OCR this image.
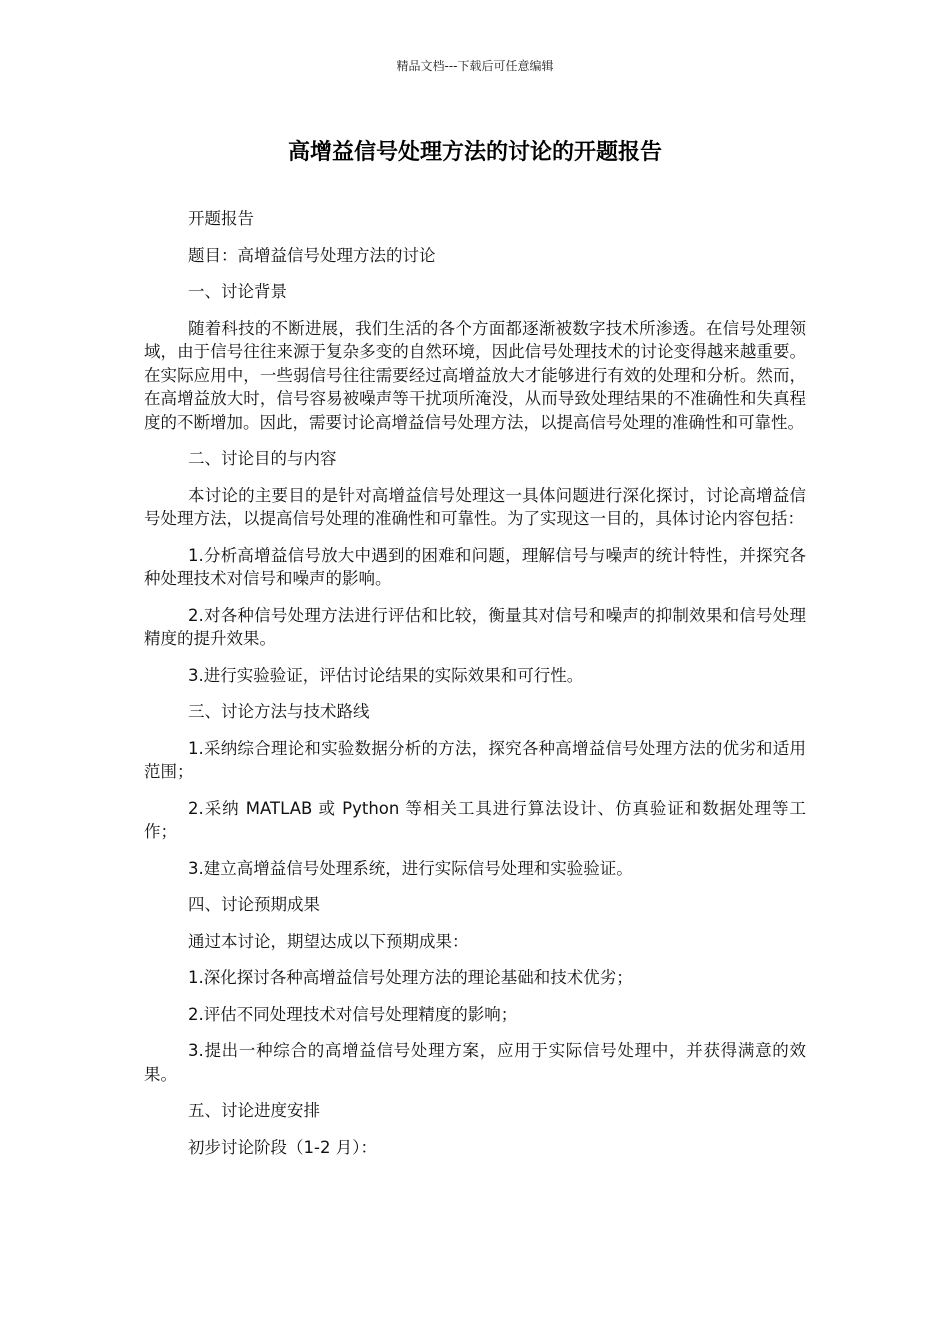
精品文档---下载后可任意编辑
高增益信号处理方法的讨论的开题报告

开题报告

题目：高增益信号处理方法的讨论

一、讨论背景

随着科技的不断进展，我们生活的各个方面都逐渐被数字技术所渗透。在信号处理领域，由于信号往往来源于复杂多变的自然环境，因此信号处理技术的讨论变得越来越重要。在实际应用中，一些弱信号往往需要经过高增益放大才能够进行有效的处理和分析。然而，在高增益放大时，信号容易被噪声等干扰项所淹没，从而导致处理结果的不准确性和失真程度的不断增加。因此，需要讨论高增益信号处理方法，以提高信号处理的准确性和可靠性。

二、讨论目的与内容

本讨论的主要目的是针对高增益信号处理这一具体问题进行深化探讨，讨论高增益信号处理方法，以提高信号处理的准确性和可靠性。为了实现这一目的，具体讨论内容包括：

1.分析高增益信号放大中遇到的困难和问题，理解信号与噪声的统计特性，并探究各种处理技术对信号和噪声的影响。

2.对各种信号处理方法进行评估和比较，衡量其对信号和噪声的抑制效果和信号处理精度的提升效果。

3.进行实验验证，评估讨论结果的实际效果和可行性。

三、讨论方法与技术路线

1.采纳综合理论和实验数据分析的方法，探究各种高增益信号处理方法的优劣和适用范围；

2.采纳 MATLAB 或 Python 等相关工具进行算法设计、仿真验证和数据处理等工作；

3.建立高增益信号处理系统，进行实际信号处理和实验验证。

四、讨论预期成果

通过本讨论，期望达成以下预期成果：

1.深化探讨各种高增益信号处理方法的理论基础和技术优劣；

2.评估不同处理技术对信号处理精度的影响；

3.提出一种综合的高增益信号处理方案，应用于实际信号处理中，并获得满意的效果。

五、讨论进度安排

初步讨论阶段（1-2 月）：
